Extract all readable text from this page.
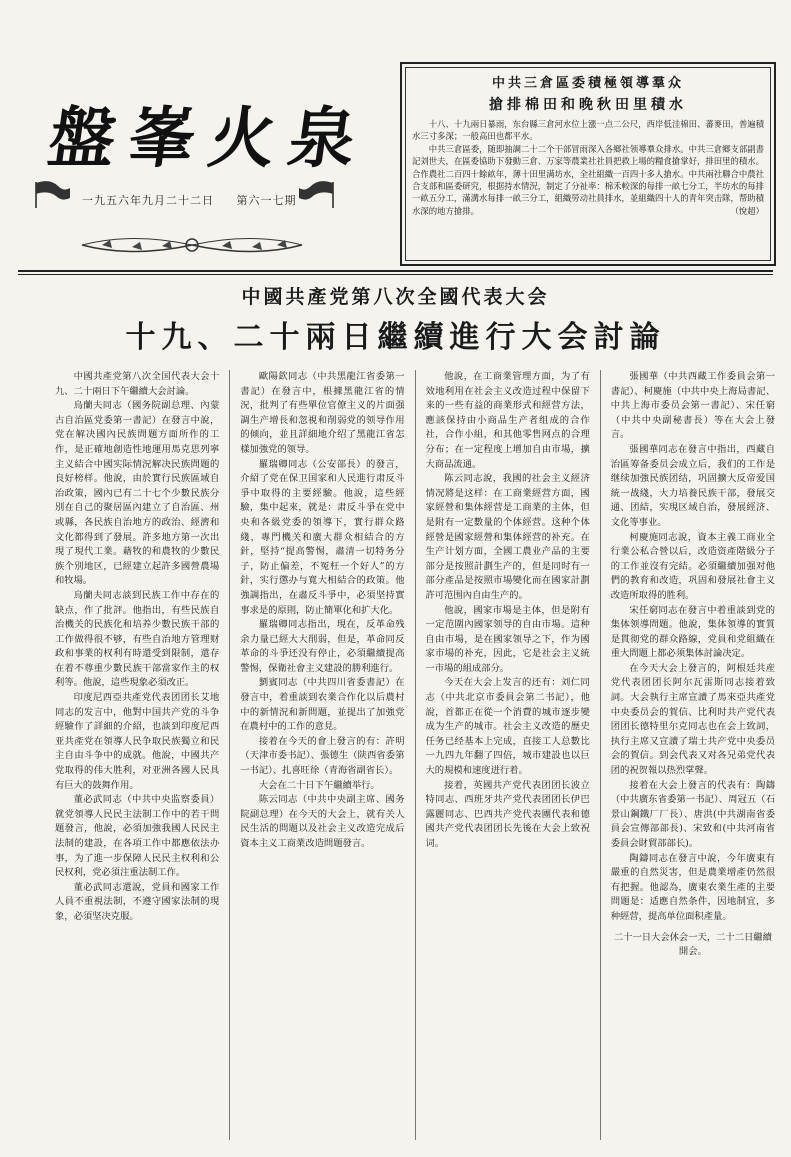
盤峯火泉
一九五六年九月二十二日 第六一七期
中共三倉區委積極領導羣众
搶排棉田和晚秋田里積水

十八、十九兩日暴雨，东台縣三倉河水位上漲一点二公尺，西岸低洼棉田、蕃麥田，普遍積水三寸多深；一般高田也都平水。

中共三倉區委，随即抽調二十二个干部冒雨深入各鄉社领導羣众排水。中共三倉鄉支部副書記刘世夫，在區委協助下發動三倉、万家等農業社社員把救上場的糧食搶掌好，排田里的積水。合作農社二百四十餘畝年，薄十田里满坊水，全社組織一百四十多人搶水。中共兩社聯合中農社合支部和區委研究，根据持水情況，制定了分祉率：棉禾較深的每排一畝七分工，半坊水的每排一畝五分工，滿溝水每排一畝三分工，組織勞动社員排水，並組織四十人的青年突击隊，帮助積水深的地方搶排。	（悅超）
中國共產党第八次全國代表大会
十九、二十兩日繼續進行大会討論

中國共產党第八次全国代表大会十九、二十兩日下午繼續大会討論。

烏蘭夫同志（國务院副总理、內蒙古自治區党委第一書記）在發言中說，党在解决國內民族問題方面所作的工作，是正確地創造性地運用馬克思列寧主义結合中國实际情況解决民族問題的良好榜样。他說，由於實行民族區域自治政策，國內已有二十七个少數民族分別在自己的聚居區內建立了自治區、州或縣，各民族自治地方的政治、經濟和文化都得到了發展。許多地方第一次出現了現代工業。藉牧的和農牧的少數民族个別地区，已經建立起許多國營農場和牧場。

烏蘭夫同志談到民族工作中存在的缺点，作了批評。他指出，有些民族自治機关的民族化和培养少數民族干部的工作做得很不够，有些自治地方管理财政和事業的权利有時還受到限制，還存在着不尊重少數民族干部當家作主的权利等。他說，這些現象必須改正。

印度尼西亞共產党代表团团长艾地同志的发言中，他對中国共产党的斗争經驗作了詳細的介紹，也談到印度尼西亚共產党在領導人民争取民族獨立和民主自由斗争中的成就。他說，中國共产党取得的伟大胜利，对亚洲各國人民具有巨大的鼓舞作用。

董必武同志（中共中央监察委員）就党領導人民民主法制工作中的若干問題發言，他說，必須加強我國人民民主法制的建設，在各項工作中都應依法办事，为了進一步保障人民民主权利和公民权利，党必須注重法制工作。

董必武同志還說，党員和國家工作人員不重視法制，不遵守國家法制的現象，必須坚决克服。

歐陽欽同志（中共黑龍江省委第一書記）在發言中，根據黑龍江省的情況，批判了有些單位官僚主义的片面强調生产增長和忽視和削弱党的领导作用的倾向，並且詳細地介绍了黑龍江省怎樣加強党的领导。

羅瑞卿同志（公安部長）的發言，介紹了党在保卫国家和人民進行肃反斗爭中取得的主要經驗。他說，這些經驗，集中起來，就是：肃反斗爭在党中央和各級党委的領導下，實行群众路綫，專門機关和廣大群众相結合的方針，堅持“提高警惕，肅清一切特务分子，防止偏差，不冤枉一个好人”的方針，实行懲办与寬大相結合的政策。他強調指出，在肅反斗爭中，必須坚持實事求是的原則，防止簡單化和扩大化。

羅瑞卿同志指出，現在，反革命残余力量已經大大削弱，但是，革命同反革命的斗爭还没有停止，必須繼續提高警惕，保衛社會主义建設的勝利進行。

劉賓同志（中共四川省委書記）在發言中，着重談到农業合作化以后農村中的新情況和新問題，並提出了加強党在農村中的工作的意見。

接着在今天的會上發言的有：許明（天津市委书記）、張德生（陕西省委第一书記）、扎喜旺徐（青海省副省长）。

大会在二十日下午繼續举行。

陈云同志（中共中央副主席、國务院副总理）在今天的大会上，就有关人民生活的問題以及社会主义改造完成后資本主义工商業改造問題發言。

他說，在工商業管理方面，为了有效地利用在社会主义改造过程中保留下来的一些有益的商業形式和經营方法，應該保持由小商品生产者组成的合作社，合作小組，和其他零售网点的合理分布；在一定程度上增加自由市場，擴大商品流通。

陈云同志說，我國的社会主义經济情况將是这样：在工商業經营方面，國家經營和集体經营是工商業的主体，但是附有一定數量的个体經营。这种个体經營是國家經營和集体經营的补充。在生产计划方面，全國工農业产品的主要部分是按照計劃生产的，但是同时有一部分產品是按照市場變化而在國家計劃許可范围內自由生产的。

他說，國家市場是主体，但是附有一定范圍內國家领导的自由市場。這种自由市場，是在國家领导之下，作为國家市場的补充，因此，它是社会主义統一市場的組成部分。

今天在大会上发言的还有：刘仁同志（中共北京市委員会第二书記），他說，首都正在從一个消費的城市逐步變成为生产的城市。社会主义改造的歷史任务已经基本上完成，直接工人总數比一九四九年翻了四倍，城市建設也以巨大的規模和速度进行着。

接着，英國共产党代表团团长波立特同志、西班牙共产党代表团团长伊巴露麗同志、巴西共产党代表團代表和德國共产党代表团团长先後在大会上致祝词。

張國華（中共西藏工作委員会第一書記）、柯慶施（中共中央上海局書記、中共上海市委员会第一書記）、宋任窮（中共中央副秘書長）等在大会上發言。

張國華同志在發言中指出，西藏自治區筹备委员会成立后，我们的工作是继续加強民族团结，巩固擴大反帝爱国統一战綫，大力培養民族干部，發展交通、团結，实現区域自治，發展經济、文化等事业。

柯慶施同志說，資本主義工商业全行業公私合營以后，改造资產階級分子的工作並沒有完結。必須繼續加强对他們的教育和改造，巩固和發展社會主义改造所取得的胜利。

宋任窮同志在發言中着重談到党的集体领導問題。他說，集体領導的實質是貫彻党的群众路線，党員和党組織在重大問題上都必须集体討論决定。

在今天大会上發言的，阿根廷共産党代表团团长阿尔瓦雷斯同志接着致詞。大会執行主席宣讀了馬來亞共產党中央委员会的賀信、比利时共产党代表团团长德特里尔克同志也在会上致詞，执行主席又宣讀了瑞士共产党中央委员会的賀信。到会代表又对各兄弟党代表团的祝贺報以热烈掌聲。

接着在大会上發言的代表有：陶鑄（中共廣东省委第一书記）、周冠五（石景山鋼鐵厂厂長）、唐洪(中共湖南省委員会宣傳部部長)、宋致和(中共河南省委員会財貿部部长)。

陶鑄同志在發言中說，今年廣東有嚴重的自然災害，但是農業增產仍然很有把握。他認為，廣東农業生產的主要問題是：适應自然条件，因地制宜，多种經营，提高单位面积產量。

二十一日大会休会一天，二十二日繼續開会。
